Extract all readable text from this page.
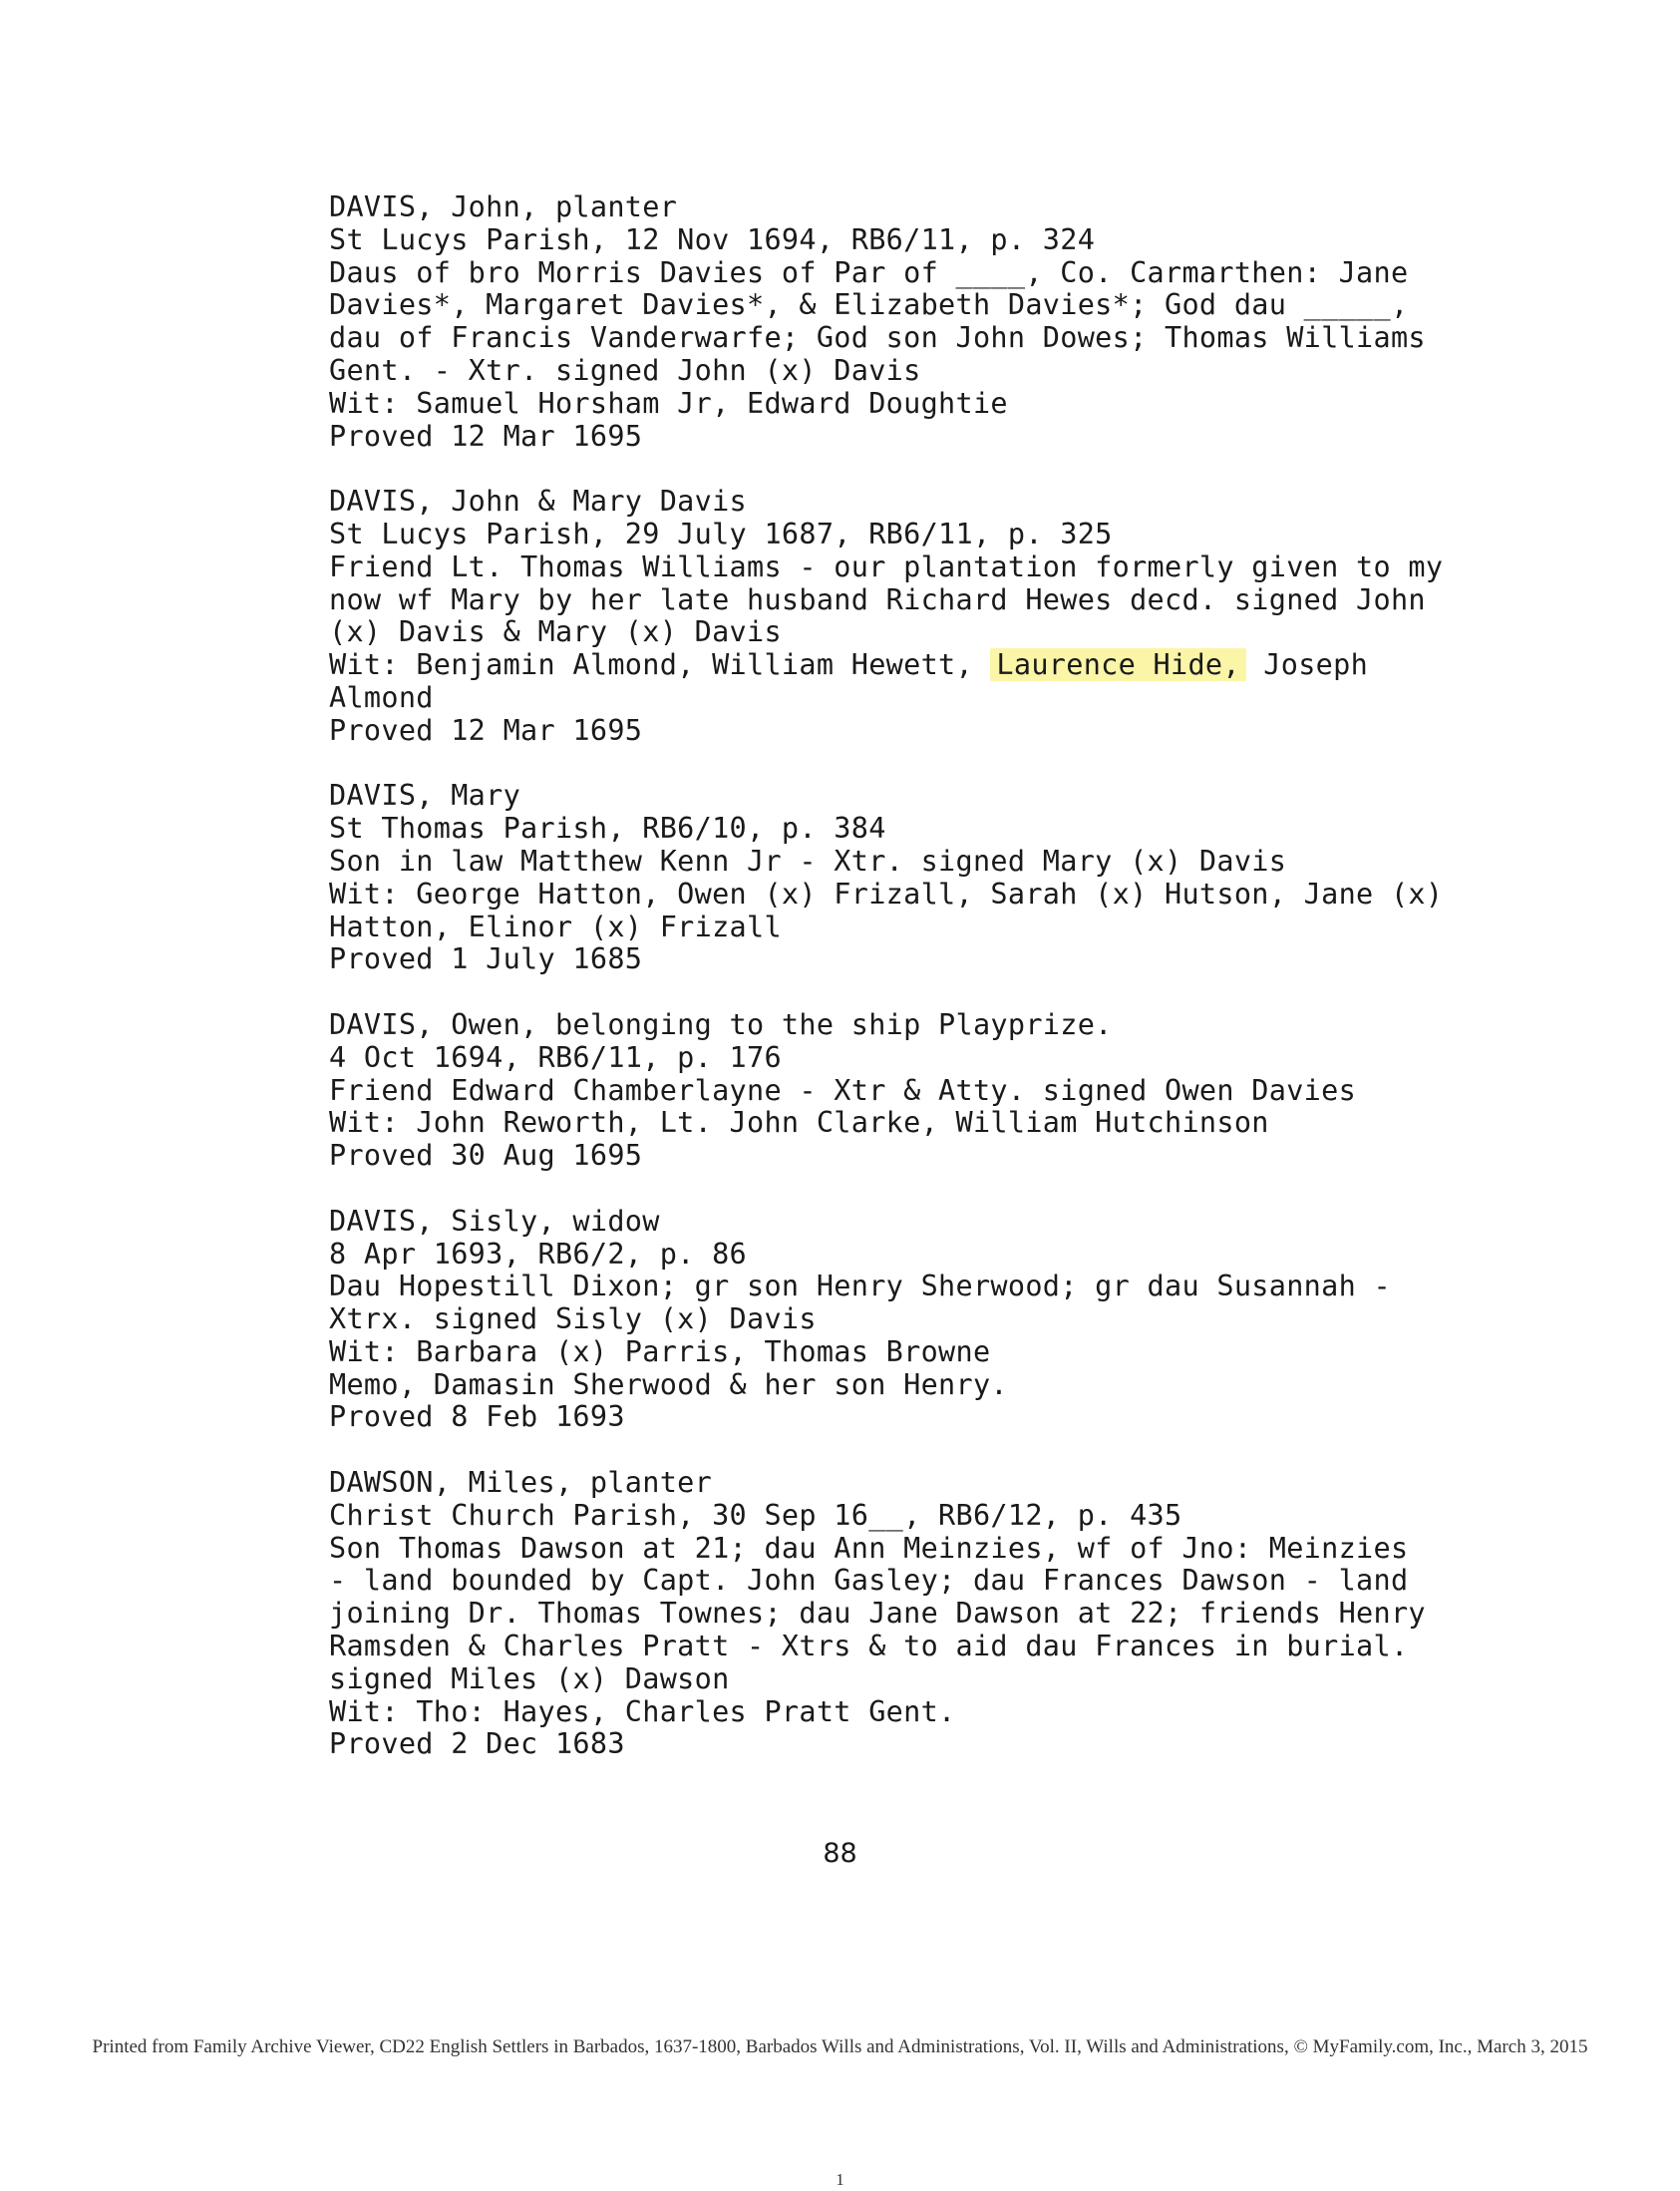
DAVIS, John, planter
St Lucys Parish, 12 Nov 1694, RB6/11, p. 324
Daus of bro Morris Davies of Par of ____, Co. Carmarthen: Jane
Davies*, Margaret Davies*, & Elizabeth Davies*; God dau _____,
dau of Francis Vanderwarfe; God son John Dowes; Thomas Williams
Gent. - Xtr. signed John (x) Davis
Wit: Samuel Horsham Jr, Edward Doughtie
Proved 12 Mar 1695
DAVIS, John & Mary Davis
St Lucys Parish, 29 July 1687, RB6/11, p. 325
Friend Lt. Thomas Williams - our plantation formerly given to my
now wf Mary by her late husband Richard Hewes decd. signed John
(x) Davis & Mary (x) Davis
Wit: Benjamin Almond, William Hewett, Laurence Hide, Joseph
Almond
Proved 12 Mar 1695
DAVIS, Mary
St Thomas Parish, RB6/10, p. 384
Son in law Matthew Kenn Jr - Xtr. signed Mary (x) Davis
Wit: George Hatton, Owen (x) Frizall, Sarah (x) Hutson, Jane (x)
Hatton, Elinor (x) Frizall
Proved 1 July 1685
DAVIS, Owen, belonging to the ship Playprize.
4 Oct 1694, RB6/11, p. 176
Friend Edward Chamberlayne - Xtr & Atty. signed Owen Davies
Wit: John Reworth, Lt. John Clarke, William Hutchinson
Proved 30 Aug 1695
DAVIS, Sisly, widow
8 Apr 1693, RB6/2, p. 86
Dau Hopestill Dixon; gr son Henry Sherwood; gr dau Susannah -
Xtrx. signed Sisly (x) Davis
Wit: Barbara (x) Parris, Thomas Browne
Memo, Damasin Sherwood & her son Henry.
Proved 8 Feb 1693
DAWSON, Miles, planter
Christ Church Parish, 30 Sep 16__, RB6/12, p. 435
Son Thomas Dawson at 21; dau Ann Meinzies, wf of Jno: Meinzies
- land bounded by Capt. John Gasley; dau Frances Dawson - land
joining Dr. Thomas Townes; dau Jane Dawson at 22; friends Henry
Ramsden & Charles Pratt - Xtrs & to aid dau Frances in burial.
signed Miles (x) Dawson
Wit: Tho: Hayes, Charles Pratt Gent.
Proved 2 Dec 1683
88
Printed from Family Archive Viewer, CD22 English Settlers in Barbados, 1637-1800, Barbados Wills and Administrations, Vol. II, Wills and Administrations, © MyFamily.com, Inc., March 3, 2015
1
